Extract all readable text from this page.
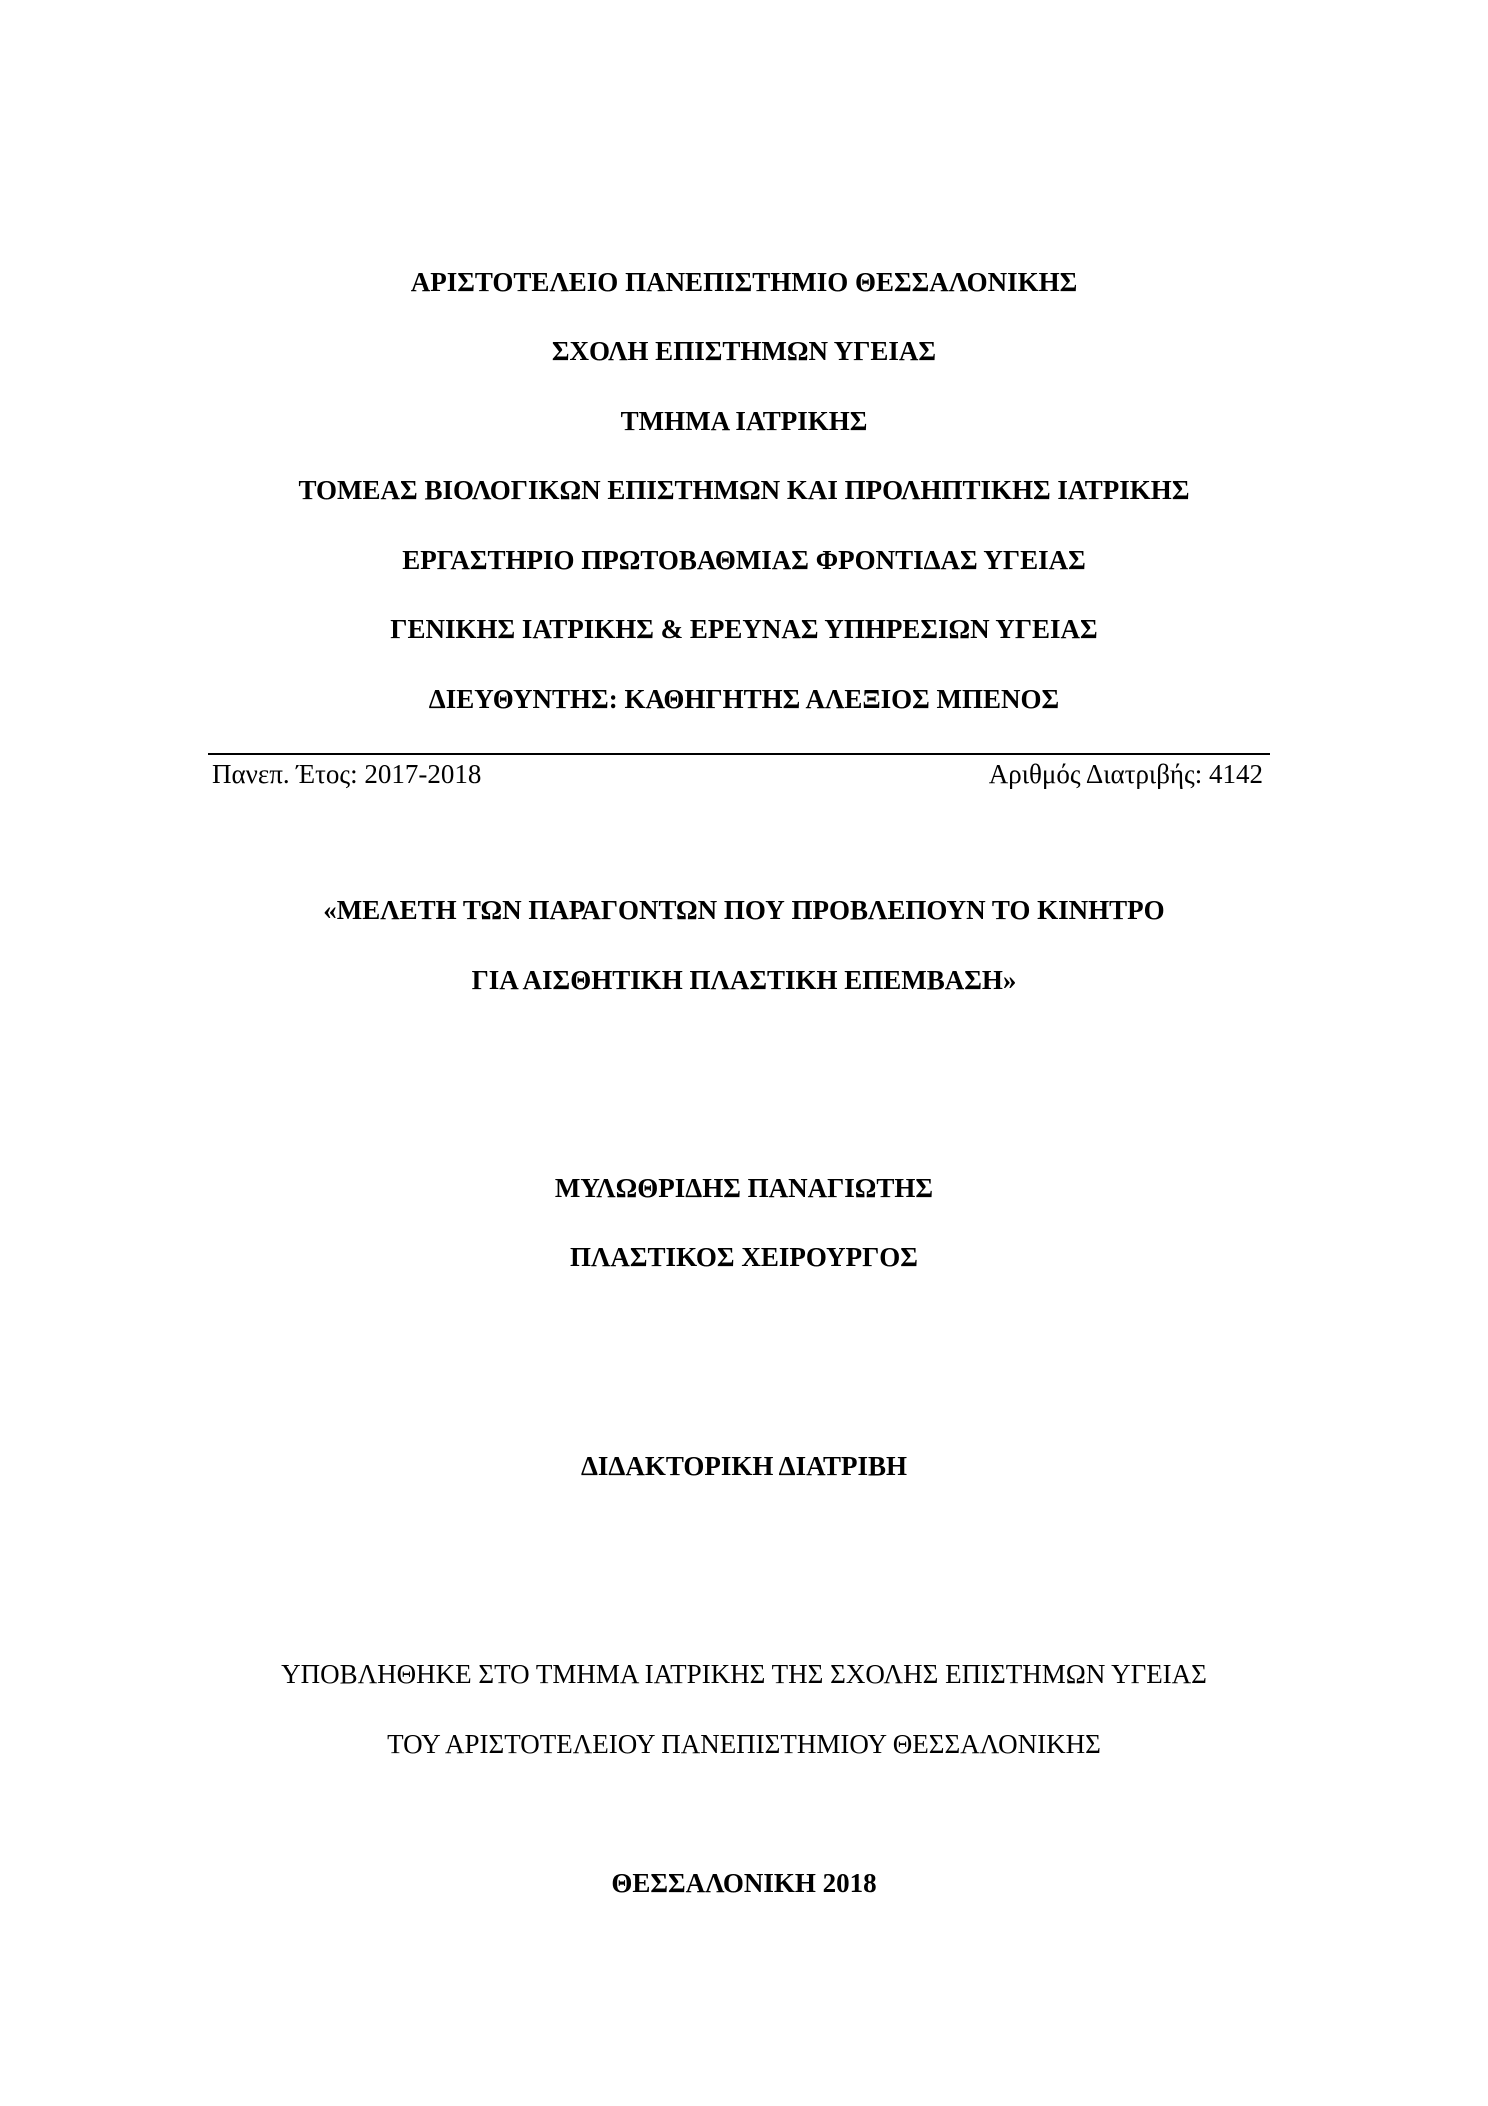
ΑΡΙΣΤΟΤΕΛΕΙΟ ΠΑΝΕΠΙΣΤΗΜΙΟ ΘΕΣΣΑΛΟΝΙΚΗΣ
ΣΧΟΛΗ ΕΠΙΣΤΗΜΩΝ ΥΓΕΙΑΣ
ΤΜΗΜΑ ΙΑΤΡΙΚΗΣ
ΤΟΜΕΑΣ ΒΙΟΛΟΓΙΚΩΝ ΕΠΙΣΤΗΜΩΝ ΚΑΙ ΠΡΟΛΗΠΤΙΚΗΣ ΙΑΤΡΙΚΗΣ
ΕΡΓΑΣΤΗΡΙΟ ΠΡΩΤΟΒΑΘΜΙΑΣ ΦΡΟΝΤΙΔΑΣ ΥΓΕΙΑΣ
ΓΕΝΙΚΗΣ ΙΑΤΡΙΚΗΣ & ΕΡΕΥΝΑΣ ΥΠΗΡΕΣΙΩΝ ΥΓΕΙΑΣ
ΔΙΕΥΘΥΝΤΗΣ: ΚΑΘΗΓΗΤΗΣ ΑΛΕΞΙΟΣ ΜΠΕΝΟΣ
Πανεπ. Έτος: 2017-2018	Αριθμός Διατριβής: 4142
«ΜΕΛΕΤΗ ΤΩΝ ΠΑΡΑΓΟΝΤΩΝ ΠΟΥ ΠΡΟΒΛΕΠΟΥΝ ΤΟ ΚΙΝΗΤΡΟ
ΓΙΑ ΑΙΣΘΗΤΙΚΗ ΠΛΑΣΤΙΚΗ ΕΠΕΜΒΑΣΗ»
ΜΥΛΩΘΡΙΔΗΣ ΠΑΝΑΓΙΩΤΗΣ
ΠΛΑΣΤΙΚΟΣ ΧΕΙΡΟΥΡΓΟΣ
ΔΙΔΑΚΤΟΡΙΚΗ ΔΙΑΤΡΙΒΗ
ΥΠΟΒΛΗΘΗΚΕ ΣΤΟ ΤΜΗΜΑ ΙΑΤΡΙΚΗΣ ΤΗΣ ΣΧΟΛΗΣ ΕΠΙΣΤΗΜΩΝ ΥΓΕΙΑΣ
ΤΟΥ ΑΡΙΣΤΟΤΕΛΕΙΟΥ ΠΑΝΕΠΙΣΤΗΜΙΟΥ ΘΕΣΣΑΛΟΝΙΚΗΣ
ΘΕΣΣΑΛΟΝΙΚΗ 2018
